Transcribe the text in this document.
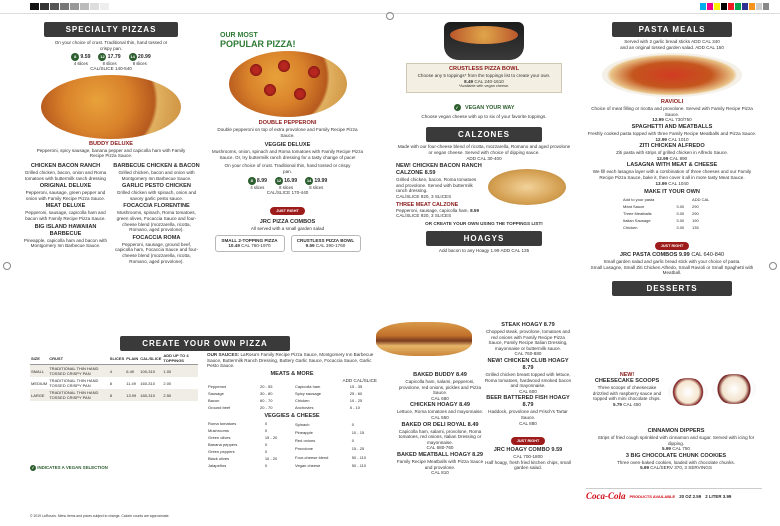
SPECIALTY PIZZAS
On your choice of crust. Traditional thin, hand tossed or crispy pan.
8 9.59
4 slices
12 17.79
8 slices
14 20.99
8 slices
CAL/SLICE 140-540
BUDDY DELUXE
Pepperoni, spicy sausage, banana pepper and capicolla ham with Family Recipe Pizza Sauce.
CHICKEN BACON RANCH
Grilled chicken, bacon, onion and Roma tomatoes with buttermilk ranch dressing
ORIGINAL DELUXE
Pepperoni, sausage, green pepper and onion with Family Recipe Pizza Sauce.
MEAT DELUXE
Pepperoni, sausage, capicolla ham and bacon with Family Recipe Pizza Sauce.
BIG ISLAND HAWAIIAN BARBECUE
Pineapple, capicolla ham and bacon with Montgomery Inn Barbecue Sauce.
BARBECUE CHICKEN & BACON
Grilled chicken, bacon and onion with Montgomery Inn Barbecue Sauce.
GARLIC PESTO CHICKEN
Grilled chicken with spinach, onion and savory garlic pesto sauce.
FOCACCIA FLORENTINE
Mushrooms, spinach, Roma tomatoes, green olives, Focaccia Sauce and four-cheese blend (mozzarella, ricotta, Romano, aged provolone).
FOCACCIA ROMA
Pepperoni, sausage, ground beef, capicolla ham, Focaccia Sauce and four-cheese blend (mozzarella, ricotta, Romano, aged provolone).
OUR MOST
POPULAR PIZZA!
DOUBLE PEPPERONI
Double pepperoni on top of extra provolone and Family Recipe Pizza Sauce.
VEGGIE DELUXE
Mushrooms, onion, spinach and Roma tomatoes with Family Recipe Pizza Sauce. Or, try buttermilk ranch dressing for a tasty change of pace!
On your choice of crust. Traditional thin, hand tossed or crispy pan.
8 8.99
4 slices
12 16.99
8 slices
14 19.99
8 slices
CAL/SLICE 170-440
JUST RIGHT
JRC PIZZA COMBOS
All served with a small garden salad
SMALL 2-TOPPING PIZZA
10.49 CAL 760-1970
CRUSTLESS PIZZA BOWL
9.59 CAL 390-1760
CREATE YOUR OWN PIZZA
SIZE	CRUST	SLICES	PLAIN	CAL/SLICE	ADD UP TO 4 TOPPINGS
SMALL	TRADITIONAL THIN HAND TOSSED CRISPY PAN	4	6.49	100-310	1.00
MEDIUM	TRADITIONAL THIN HAND TOSSED CRISPY PAN	8	11.49	160-310	2.00
LARGE	TRADITIONAL THIN HAND TOSSED CRISPY PAN	8	13.99	180-310	2.50
✓ INDICATES A VEGAN SELECTION
OUR SAUCES: LaRosa's Family Recipe Pizza Sauce, Montgomery Inn Barbecue Sauce, Buttermilk Ranch Dressing, Buttery Garlic Sauce, Focaccia Sauce, Garlic Pesto Sauce.
MEATS & MORE
ADD CAL/SLICE
Pepperoni	20 - 55
Sausage	30 - 80
Bacon	60 - 70
Ground beef	20 - 70
Capicolla ham	15 - 35
Spicy sausage	25 - 60
Chicken	10 - 25
Anchovies	5 - 10
VEGGIES & CHEESE
Roma tomatoes	0
Mushrooms	0
Green olives	15 - 20
Banana peppers	0
Green peppers	0
Black olives	10 - 20
Jalapeños	0
Spinach	0
Pineapple	10 - 15
Red onions	0
Provolone	15 - 25
Four-cheese blend	50 - 110
Vegan cheese	50 - 110
© 2019 LaRosa's. Menu items and prices subject to change. Calorie counts are approximate.
CRUSTLESS PIZZA BOWL
Choose any 5 toppings* from the toppings list to create your own.
8.49 CAL 240-1610
*Available with vegan cheese.
✓ VEGAN YOUR WAY
Choose vegan cheese with up to six of your favorite toppings.
CALZONES
Made with our four-cheese blend of ricotta, mozzarella, Romano and aged provolone or vegan cheese. Served with choice of dipping sauce.
ADD CAL 30-400
NEW! CHICKEN BACON RANCH CALZONE 8.59
Grilled chicken, bacon, Roma tomatoes and provolone. Served with buttermilk ranch dressing.
CAL/SLICE 920, 3 SLICES
THREE MEAT CALZONE
Pepperoni, sausage, capicolla ham. 8.59
CAL/SLICE 920, 3 SLICES
OR CREATE YOUR OWN USING THE TOPPINGS LIST!
HOAGYS
Add bacon to any Hoagy 1.99 ADD CAL 135
BAKED BUDDY 8.49
Capicolla ham, salami, pepperoni, provolone, red onions, pickles and Pizza Sauce.
CAL 680
CHICKEN HOAGY 8.49
Lettuce, Roma tomatoes and mayonnaise.
CAL 550
BAKED OR DELI ROYAL 8.49
Capicolla ham, salami, provolone, Roma tomatoes, red onions, Italian Dressing or mayonnaise.
CAL 680-760
BAKED MEATBALL HOAGY 8.29
Family Recipe Meatballs with Pizza Sauce and provolone.
CAL 810
STEAK HOAGY 8.79
Chopped steak, provolone, tomatoes and red onions with Family Recipe Pizza Sauce, Family Recipe Italian Dressing, mayonnaise or buttermilk sauce.
CAL 760-880
NEW! CHICKEN CLUB HOAGY 8.79
Grilled chicken breast topped with lettuce, Roma tomatoes, hardwood smoked bacon and mayonnaise.
CAL 600
BEER BATTERED FISH HOAGY 8.79
Haddock, provolone and Frisch's Tartar Sauce.
CAL 880
JUST RIGHT
JRC HOAGY COMBO 9.59
CAL 700-1800
Half hoagy, fresh fried kitchen chips, small garden salad.
PASTA MEALS
Served with 2 garlic bread sticks ADD CAL 340
and an original tossed garden salad. ADD CAL 150
RAVIOLI
Choice of meat filling or ricotta and provolone. Served with Family Recipe Pizza Sauce.
12.99 CAL 730/750
SPAGHETTI AND MEATBALLS
Freshly cooked pasta topped with three Family Recipe Meatballs and Pizza Sauce.
12.99 CAL 1010
ZITI CHICKEN ALFREDO
Ziti pasta with strips of grilled chicken in Alfredo Sauce.
12.99 CAL 890
LASAGNA WITH MEAT & CHEESE
We fill each lasagna layer with a combination of three cheeses and our Family Recipe Pizza Sauce, bake it, then cover it all in more tasty Meat Sauce.
13.99 CAL 1040
MAKE IT YOUR OWN
Add to your pasta		ADD CAL
Meat Sauce	3.00	290
Three Meatballs	3.00	290
Italian Sausage	3.00	190
Chicken	3.00	135
JUST RIGHT
JRC PASTA COMBOS 9.99 CAL 640-840
Small garden salad and garlic bread stick with your choice of pasta.
Small Lasagne, Small Ziti Chicken Alfredo, Small Ravioli or Small Spaghetti with Meatball.
DESSERTS
NEW!
CHEESECAKE SCOOPS
Three scoops of cheesecake drizzled with raspberry sauce and topped with mini chocolate chips.
5.79 CAL 450
CINNAMON DIPPERS
Strips of fried cough sprinkled with cinnamon and sugar. Served with icing for dipping.
5.99 CAL 750
3 BIG CHOCOLATE CHUNK COOKIES
Three oven-baked cookies, loaded with chocolate chunks.
5.99 CAL/SERV 370, 3 SERVINGS
Coca-Cola PRODUCTS AVAILABLE 20 OZ 2.59 2 LITER 3.99
